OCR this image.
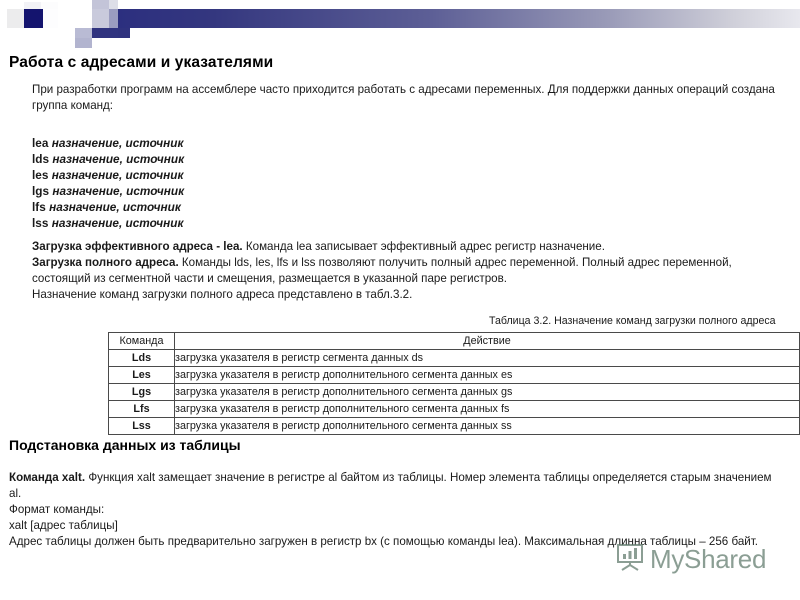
Работа с адресами и указателями
При разработки программ на ассемблере часто приходится работать с адресами переменных. Для поддержки данных операций создана группа команд:
lea назначение, источник
lds назначение, источник
les назначение, источник
lgs назначение, источник
lfs назначение, источник
lss назначение, источник
Загрузка эффективного адреса - lea. Команда lea записывает эффективный адрес регистр назначение.
Загрузка полного адреса. Команды lds, les, lfs и lss позволяют получить полный адрес переменной. Полный адрес переменной, состоящий из сегментной части и смещения, размещается в указанной паре регистров.
Назначение команд загрузки полного адреса представлено в табл.3.2.
Таблица 3.2. Назначение команд загрузки полного адреса
Команда	Действие
Lds	загрузка указателя в регистр сегмента данных ds
Les	загрузка указателя в регистр дополнительного сегмента данных es
Lgs	загрузка указателя в регистр дополнительного сегмента данных gs
Lfs	загрузка указателя в регистр дополнительного сегмента данных fs
Lss	загрузка указателя в регистр дополнительного сегмента данных ss
Подстановка данных из таблицы
Команда xalt. Функция xalt замещает значение в регистре al байтом из таблицы. Номер элемента таблицы определяется старым значением al.
Формат команды:
xalt [адрес таблицы]
Адрес таблицы должен быть предварительно загружен в регистр bx (с помощью команды lea). Максимальная длинна таблицы – 256 байт.
MyShared
